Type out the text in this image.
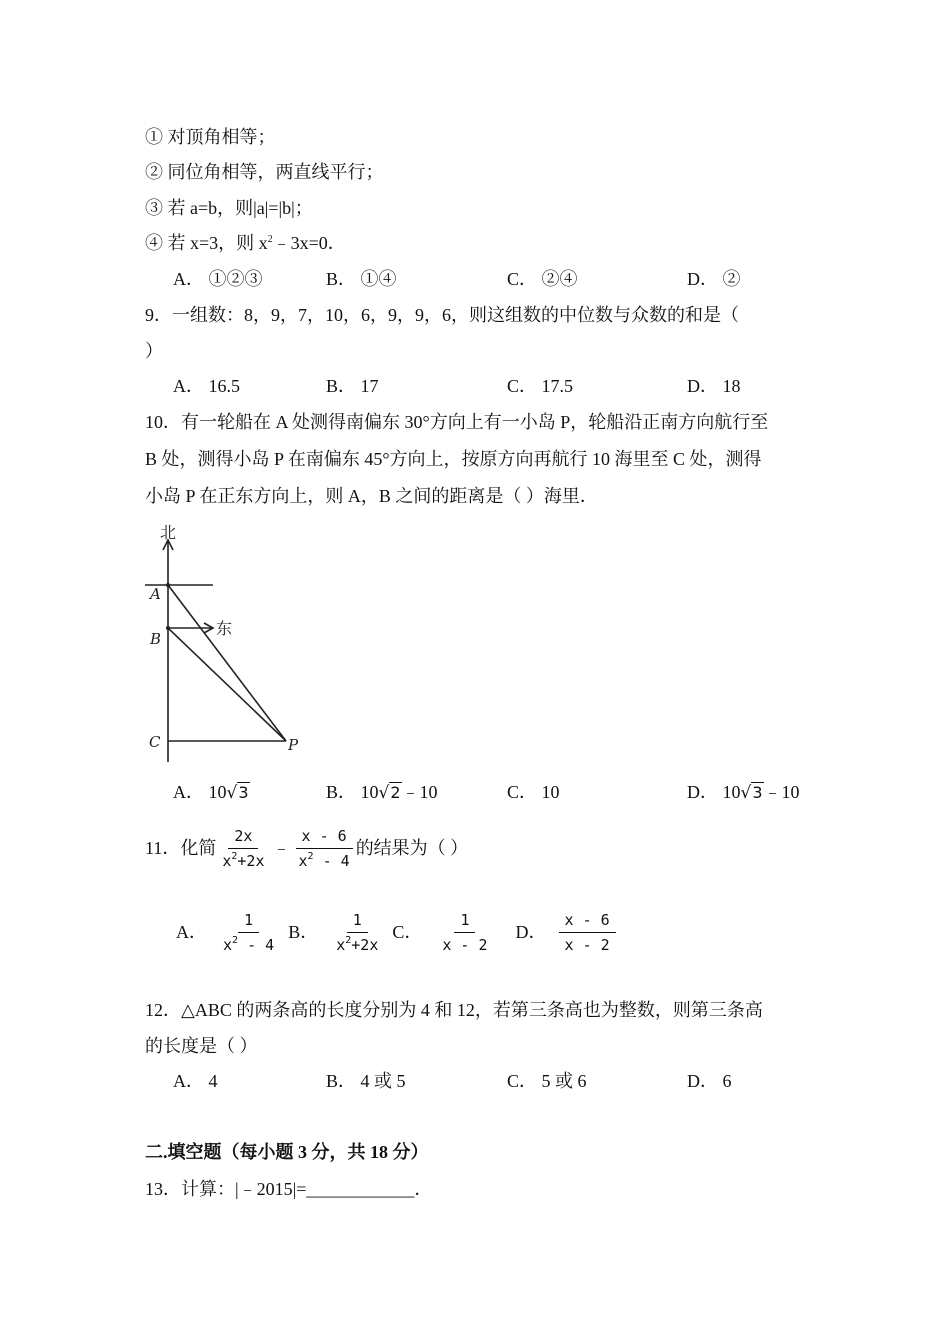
① 对顶角相等；
② 同位角相等，两直线平行；
③ 若 a=b，则|a|=|b|；
④ 若 x=3，则 $x^2﹣3x=0$．
A． ①②③	B． ①④	C． ②④	D． ②
9．一组数：8，9，7，10，6，9，9，6，则这组数的中位数与众数的和是（
）
A． 16.5	B． 17	C． 17.5	D． 18
10．有一轮船在 A 处测得南偏东 30°方向上有一小岛 P，轮船沿正南方向航行至
B 处，测得小岛 P 在南偏东 45°方向上，按原方向再航行 10 海里至 C 处，测得
小岛 P 在正东方向上，则 A，B 之间的距离是（ ）海里．
北
东
A
B
C	P
A． 10√3	B． 10√2﹣10	C． 10	D． 10√3﹣10
11．化简 $\frac{2x}{x^2+2x}$ ﹣ $\frac{x - 6}{x^2 - 4}$ 的结果为（ ）
A． $\frac{1}{x^2 - 4}$ B． $\frac{1}{x^2+2x}$ C． $\frac{1}{x - 2}$ D． $\frac{x - 6}{x - 2}$
12．△ABC 的两条高的长度分别为 4 和 12，若第三条高也为整数，则第三条高
的长度是（ ）
A． 4	B． 4 或 5	C． 5 或 6	D． 6
二.填空题（每小题 3 分，共 18 分）
13．计算：|﹣2015|=____________．
